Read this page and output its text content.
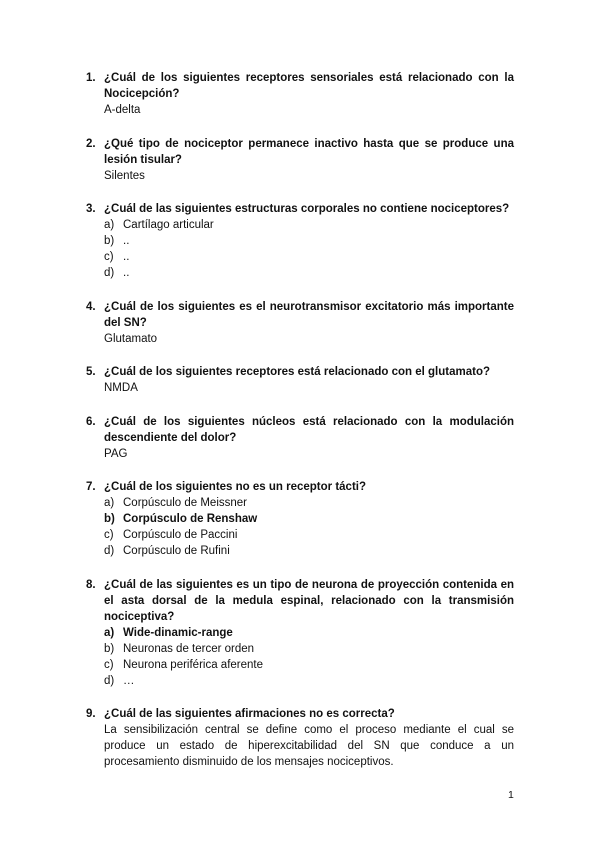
1. ¿Cuál de los siguientes receptores sensoriales está relacionado con la Nocicepción?
A-delta
2. ¿Qué tipo de nociceptor permanece inactivo hasta que se produce una lesión tisular?
Silentes
3. ¿Cuál de las siguientes estructuras corporales no contiene nociceptores?
a) Cartílago articular
b) ..
c) ..
d) ..
4. ¿Cuál de los siguientes es el neurotransmisor excitatorio más importante del SN?
Glutamato
5. ¿Cuál de los siguientes receptores está relacionado con el glutamato?
NMDA
6. ¿Cuál de los siguientes núcleos está relacionado con la modulación descendiente del dolor?
PAG
7. ¿Cuál de los siguientes no es un receptor tácti?
a) Corpúsculo de Meissner
b) Corpúsculo de Renshaw
c) Corpúsculo de Paccini
d) Corpúsculo de Rufini
8. ¿Cuál de las siguientes es un tipo de neurona de proyección contenida en el asta dorsal de la medula espinal, relacionado con la transmisión nociceptiva?
a) Wide-dinamic-range
b) Neuronas de tercer orden
c) Neurona periférica aferente
d) …
9. ¿Cuál de las siguientes afirmaciones no es correcta?
La sensibilización central se define como el proceso mediante el cual se produce un estado de hiperexcitabilidad del SN que conduce a un procesamiento disminuido de los mensajes nociceptivos.
1
